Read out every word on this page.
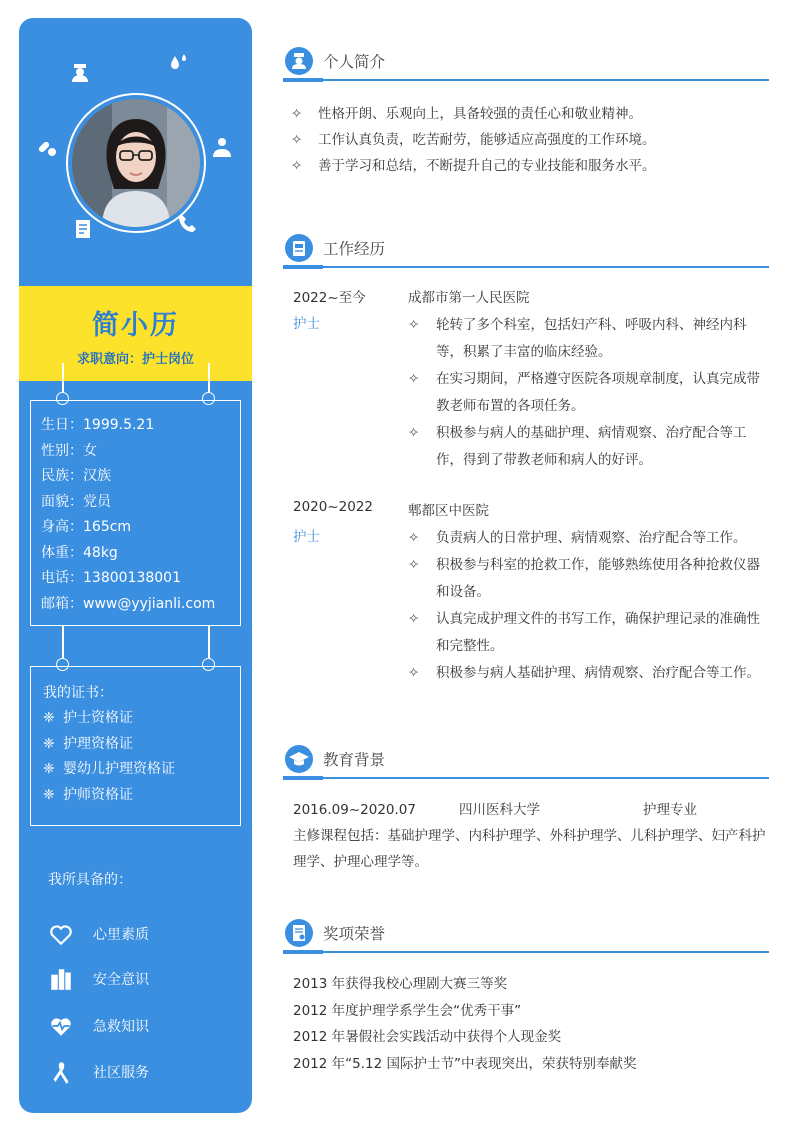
简小历
求职意向：护士岗位
生日：1999.5.21
性别：女
民族：汉族
面貌：党员
身高：165cm
体重：48kg
电话：13800138001
邮箱：www@yyjianli.com
我的证书：
❈ 护士资格证
❈ 护理资格证
❈ 婴幼儿护理资格证
❈ 护师资格证
我所具备的：
心里素质
安全意识
急救知识
社区服务
个人简介
✧ 性格开朗、乐观向上，具备较强的责任心和敬业精神。
✧ 工作认真负责，吃苦耐劳，能够适应高强度的工作环境。
✧ 善于学习和总结，不断提升自己的专业技能和服务水平。
工作经历
2022~至今
护士
成都市第一人民医院
✧ 轮转了多个科室，包括妇产科、呼吸内科、神经内科等，积累了丰富的临床经验。
✧ 在实习期间，严格遵守医院各项规章制度，认真完成带教老师布置的各项任务。
✧ 积极参与病人的基础护理、病情观察、治疗配合等工作，得到了带教老师和病人的好评。
2020~2022
护士
郫都区中医院
✧ 负责病人的日常护理、病情观察、治疗配合等工作。
✧ 积极参与科室的抢救工作，能够熟练使用各种抢救仪器和设备。
✧ 认真完成护理文件的书写工作，确保护理记录的准确性和完整性。
✧ 积极参与病人基础护理、病情观察、治疗配合等工作。
教育背景
2016.09~2020.07	四川医科大学	护理专业
主修课程包括：基础护理学、内科护理学、外科护理学、儿科护理学、妇产科护理学、护理心理学等。
奖项荣誉
2013 年获得我校心理剧大赛三等奖
2012 年度护理学系学生会“优秀干事”
2012 年暑假社会实践活动中获得个人现金奖
2012 年“5.12 国际护士节”中表现突出，荣获特别奉献奖
